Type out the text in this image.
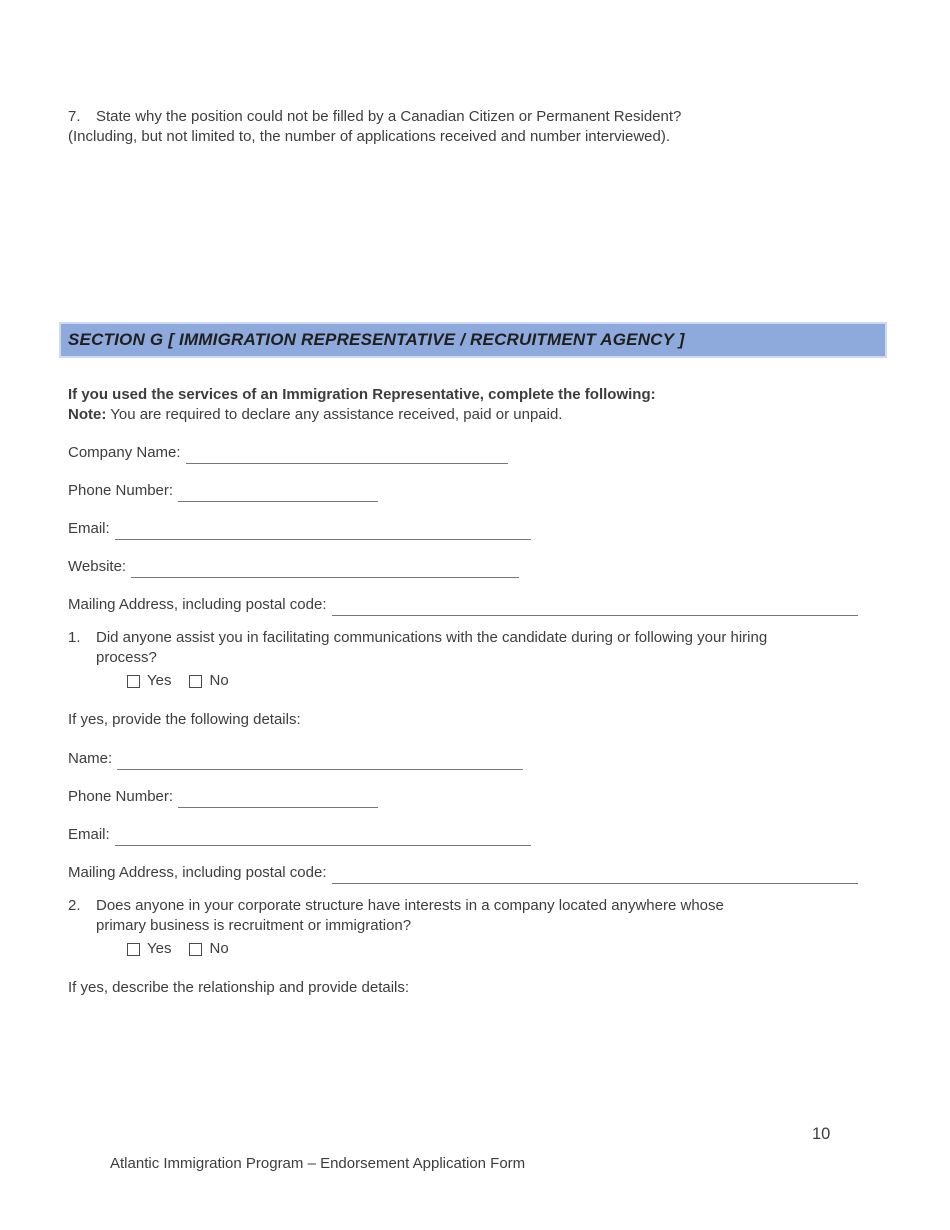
7. State why the position could not be filled by a Canadian Citizen or Permanent Resident?
(Including, but not limited to, the number of applications received and number interviewed).
SECTION G [ IMMIGRATION REPRESENTATIVE / RECRUITMENT AGENCY ]
If you used the services of an Immigration Representative, complete the following:
Note: You are required to declare any assistance received, paid or unpaid.
Company Name:
Phone Number:
Email:
Website:
Mailing Address, including postal code:
1.	Did anyone assist you in facilitating communications with the candidate during or following your hiring
process?
Yes	No
If yes, provide the following details:
Name:
Phone Number:
Email:
Mailing Address, including postal code:
2.	Does anyone in your corporate structure have interests in a company located anywhere whose
primary business is recruitment or immigration?
Yes	No
If yes, describe the relationship and provide details:
10
Atlantic Immigration Program – Endorsement Application Form
